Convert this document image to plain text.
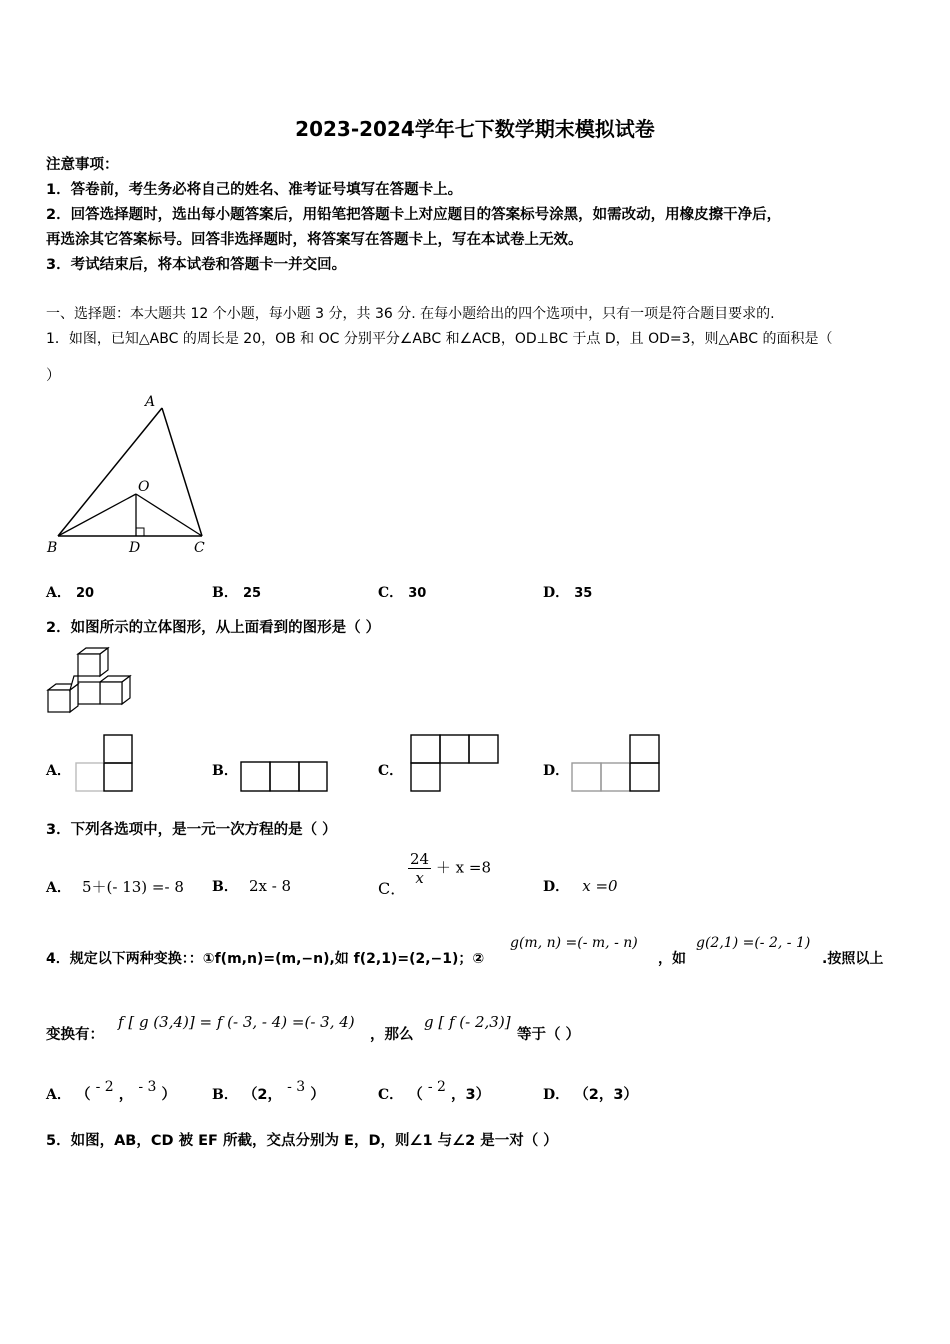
2023-2024学年七下数学期末模拟试卷
注意事项：
1．答卷前，考生务必将自己的姓名、准考证号填写在答题卡上。
2．回答选择题时，选出每小题答案后，用铅笔把答题卡上对应题目的答案标号涂黑，如需改动，用橡皮擦干净后，
再选涂其它答案标号。回答非选择题时，将答案写在答题卡上，写在本试卷上无效。
3．考试结束后，将本试卷和答题卡一并交回。
一、选择题：本大题共 12 个小题，每小题 3 分，共 36 分. 在每小题给出的四个选项中，只有一项是符合题目要求的.
1．如图，已知△ABC 的周长是 20，OB 和 OC 分别平分∠ABC 和∠ACB，OD⊥BC 于点 D，且 OD=3，则△ABC 的面积是（
）
A
O
B	D	C
A． 20	B． 25	C． 30	D． 35
2．如图所示的立体图形，从上面看到的图形是（ ）
A．	B．	C．	D．
3．下列各选项中，是一元一次方程的是（ ）
A． 5＋(‑ 13) =‑ 8 B． 2x ‑ 8	C．
$\frac{24}{x} + x =8$
D． x =0
4．规定以下两种变换：：①f(m,n)=(m,−n),如 f(2,1)=(2,−1)；②
g(m, n) =(‑ m, ‑ n)
，如
g(2,1) =(‑ 2, ‑ 1)
.按照以上
变换有：
f [ g (3,4)] = f (‑ 3, ‑ 4) =(‑ 3, 4)
，那么
g [ f (‑ 2,3)]
等于（ ）
A． （ ‑ 2 ， ‑ 3 ）	B． （2， ‑ 3 ）	C． （ ‑ 2 ，3）	D． （2，3）
5．如图，AB，CD 被 EF 所截，交点分别为 E，D，则∠1 与∠2 是一对（ ）
